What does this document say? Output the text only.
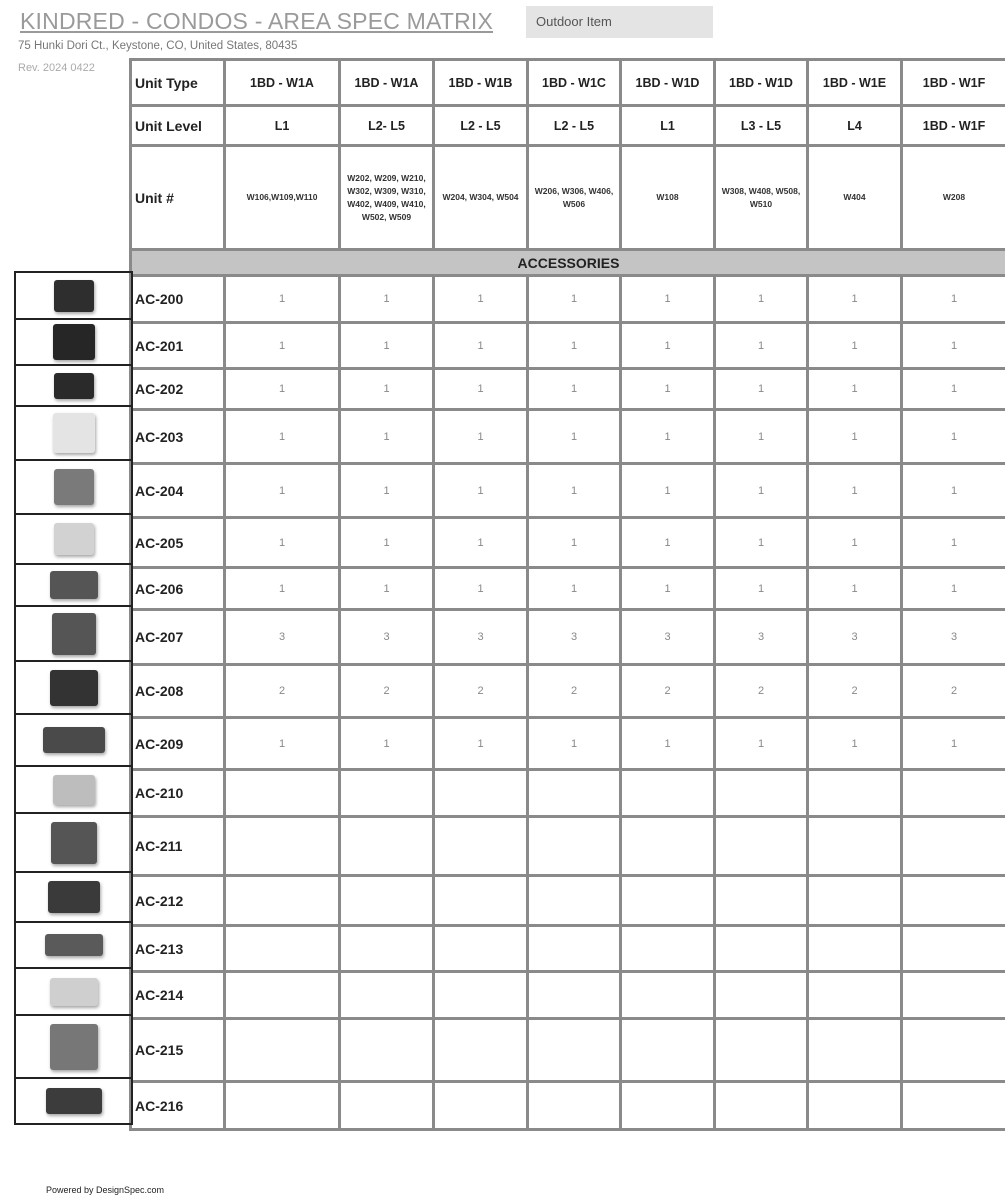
KINDRED - CONDOS - AREA SPEC MATRIX
75 Hunki Dori Ct., Keystone, CO, United States, 80435
Rev. 2024 0422
Outdoor Item
Unit Type	1BD - W1A	1BD - W1A	1BD - W1B	1BD - W1C	1BD - W1D	1BD - W1D	1BD - W1E	1BD - W1F
Unit Level	L1	L2- L5	L2 - L5	L2 - L5	L1	L3 - L5	L4	1BD - W1F
Unit #	W106,W109,W110	W202, W209, W210, W302, W309, W310, W402, W409, W410, W502, W509	W204, W304, W504	W206, W306, W406, W506	W108	W308, W408, W508, W510	W404	W208
ACCESSORIES								
AC-200	1	1	1	1	1	1	1	1
AC-201	1	1	1	1	1	1	1	1
AC-202	1	1	1	1	1	1	1	1
AC-203	1	1	1	1	1	1	1	1
AC-204	1	1	1	1	1	1	1	1
AC-205	1	1	1	1	1	1	1	1
AC-206	1	1	1	1	1	1	1	1
AC-207	3	3	3	3	3	3	3	3
AC-208	2	2	2	2	2	2	2	2
AC-209	1	1	1	1	1	1	1	1
AC-210								
AC-211								
AC-212								
AC-213								
AC-214								
AC-215								
AC-216								
Powered by DesignSpec.com
